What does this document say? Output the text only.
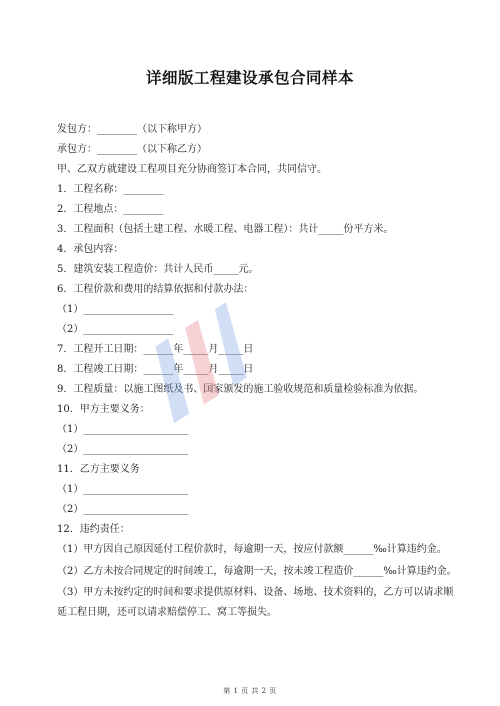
详细版工程建设承包合同样本
发包方：________（以下称甲方）
承包方：________（以下称乙方）
甲、乙双方就建设工程项目充分协商签订本合同，共同信守。
1．工程名称：________
2．工程地点：________
3．工程面积（包括土建工程、水暖工程、电器工程）：共计_____份平方米。
4．承包内容：
5．建筑安装工程造价：共计人民币_____元。
6．工程价款和费用的结算依据和付款办法：
（1）__________________
（2）__________________
7．工程开工日期：______年_____月_____日
8．工程竣工日期：______年_____月_____日
9．工程质量：以施工图纸及书、国家颁发的施工验收规范和质量检验标准为依据。
10．甲方主要义务：
（1）_____________________
（2）_____________________
11．乙方主要义务
（1）_____________________
（2）_____________________
12．违约责任：
（1）甲方因自己原因延付工程价款时，每逾期一天，按应付款额______‰计算违约金。
（2）乙方未按合同规定的时间竣工，每逾期一天，按未竣工程造价______‰计算违约金。
（3）甲方未按约定的时间和要求提供原材料、设备、场地、技术资料的，乙方可以请求顺延工程日期，还可以请求赔偿停工、窝工等损失。
第 1 页 共 2 页
